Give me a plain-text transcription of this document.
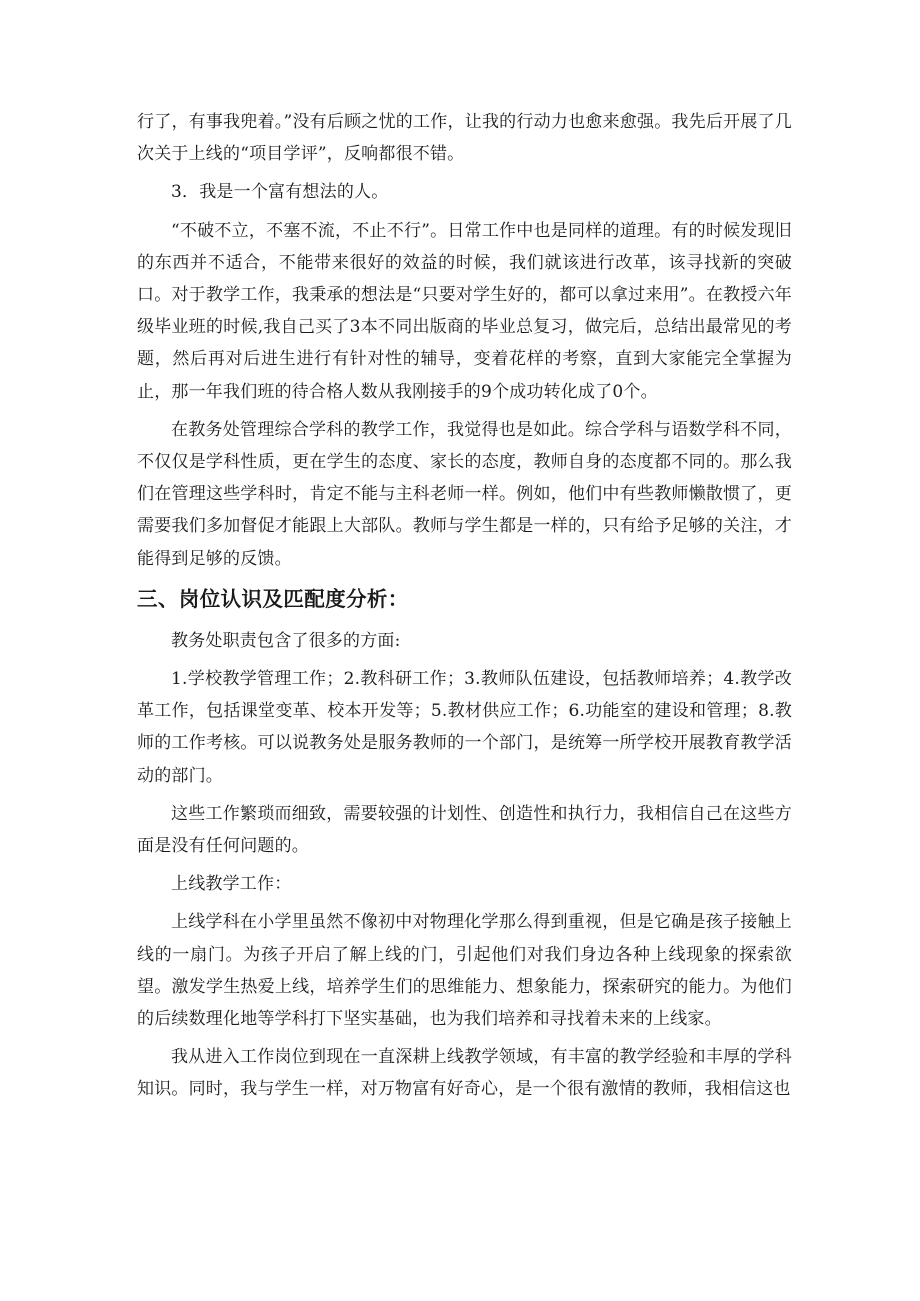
行了，有事我兜着。”没有后顾之忧的工作，让我的行动力也愈来愈强。我先后开展了几次关于上线的“项目学评”，反响都很不错。

3．我是一个富有想法的人。

“不破不立，不塞不流，不止不行”。日常工作中也是同样的道理。有的时候发现旧的东西并不适合，不能带来很好的效益的时候，我们就该进行改革，该寻找新的突破口。对于教学工作，我秉承的想法是“只要对学生好的，都可以拿过来用”。在教授六年级毕业班的时候,我自己买了3本不同出版商的毕业总复习，做完后，总结出最常见的考题，然后再对后进生进行有针对性的辅导，变着花样的考察，直到大家能完全掌握为止，那一年我们班的待合格人数从我刚接手的9个成功转化成了0个。

在教务处管理综合学科的教学工作，我觉得也是如此。综合学科与语数学科不同，不仅仅是学科性质，更在学生的态度、家长的态度，教师自身的态度都不同的。那么我们在管理这些学科时，肯定不能与主科老师一样。例如，他们中有些教师懒散惯了，更需要我们多加督促才能跟上大部队。教师与学生都是一样的，只有给予足够的关注，才能得到足够的反馈。

三、岗位认识及匹配度分析：

教务处职责包含了很多的方面:

1.学校教学管理工作；2.教科研工作；3.教师队伍建设，包括教师培养；4.教学改革工作，包括课堂变革、校本开发等；5.教材供应工作；6.功能室的建设和管理；8.教师的工作考核。可以说教务处是服务教师的一个部门，是统筹一所学校开展教育教学活动的部门。

这些工作繁琐而细致，需要较强的计划性、创造性和执行力，我相信自己在这些方面是没有任何问题的。

上线教学工作：

上线学科在小学里虽然不像初中对物理化学那么得到重视，但是它确是孩子接触上线的一扇门。为孩子开启了解上线的门，引起他们对我们身边各种上线现象的探索欲望。激发学生热爱上线，培养学生们的思维能力、想象能力，探索研究的能力。为他们的后续数理化地等学科打下坚实基础，也为我们培养和寻找着未来的上线家。

我从进入工作岗位到现在一直深耕上线教学领域，有丰富的教学经验和丰厚的学科知识。同时，我与学生一样，对万物富有好奇心，是一个很有激情的教师，我相信这也
